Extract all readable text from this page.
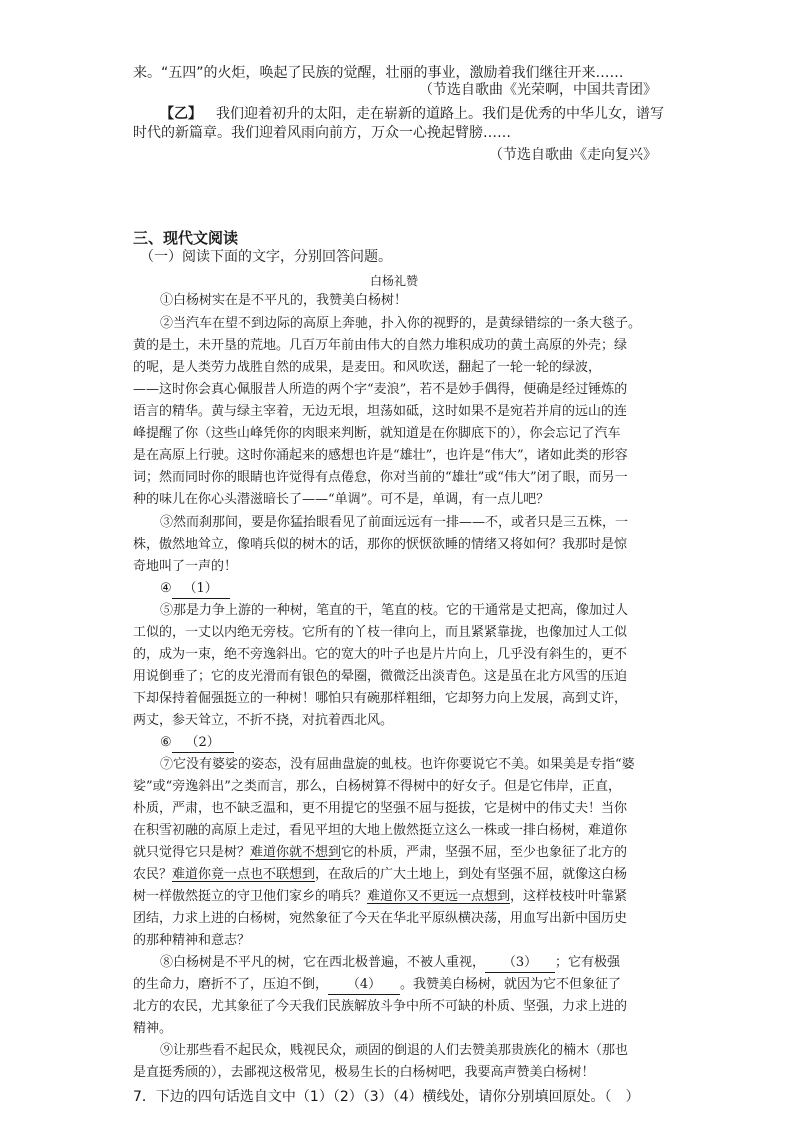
来。“五四”的火炬，唤起了民族的觉醒，壮丽的事业，激励着我们继往开来……
（节选自歌曲《光荣啊，中国共青团》
【乙】 我们迎着初升的太阳，走在崭新的道路上。我们是优秀的中华儿女，谱写
时代的新篇章。我们迎着风雨向前方，万众一心挽起臂膀……
（节选自歌曲《走向复兴》
三、现代文阅读
（一）阅读下面的文字，分别回答问题。
白杨礼赞
①白杨树实在是不平凡的，我赞美白杨树！
②当汽车在望不到边际的高原上奔驰，扑入你的视野的，是黄绿错综的一条大毯子。
黄的是土，未开垦的荒地。几百万年前由伟大的自然力堆积成功的黄土高原的外壳；绿
的呢，是人类劳力战胜自然的成果，是麦田。和风吹送，翻起了一轮一轮的绿波，
——这时你会真心佩服昔人所造的两个字“麦浪”，若不是妙手偶得，便确是经过锤炼的
语言的精华。黄与绿主宰着，无边无垠，坦荡如砥，这时如果不是宛若并肩的远山的连
峰提醒了你（这些山峰凭你的肉眼来判断，就知道是在你脚底下的），你会忘记了汽车
是在高原上行驶。这时你涌起来的感想也许是“雄壮”，也许是“伟大”，诸如此类的形容
词；然而同时你的眼睛也许觉得有点倦怠，你对当前的“雄壮”或“伟大”闭了眼，而另一
种的味儿在你心头潜滋暗长了——“单调”。可不是，单调，有一点儿吧？
③然而刹那间，要是你猛抬眼看见了前面远远有一排——不，或者只是三五株，一
株，傲然地耸立，像哨兵似的树木的话，那你的恹恹欲睡的情绪又将如何？我那时是惊
奇地叫了一声的！
④ （1）
⑤那是力争上游的一种树，笔直的干，笔直的枝。它的干通常是丈把高，像加过人
工似的，一丈以内绝无旁枝。它所有的丫枝一律向上，而且紧紧靠拢，也像加过人工似
的，成为一束，绝不旁逸斜出。它的宽大的叶子也是片片向上，几乎没有斜生的，更不
用说倒垂了；它的皮光滑而有银色的晕圈，微微泛出淡青色。这是虽在北方风雪的压迫
下却保持着倔强挺立的一种树！哪怕只有碗那样粗细，它却努力向上发展，高到丈许，
两丈，参天耸立，不折不挠，对抗着西北风。
⑥ （2）
⑦它没有婆娑的姿态，没有屈曲盘旋的虬枝。也许你要说它不美。如果美是专指“婆
娑”或“旁逸斜出”之类而言，那么，白杨树算不得树中的好女子。但是它伟岸，正直，
朴质，严肃，也不缺乏温和，更不用提它的坚强不屈与挺拔，它是树中的伟丈夫！当你
在积雪初融的高原上走过，看见平坦的大地上傲然挺立这么一株或一排白杨树，难道你
就只觉得它只是树？难道你就不想到它的朴质，严肃，坚强不屈，至少也象征了北方的
农民？难道你竟一点也不联想到，在敌后的广大土地上，到处有坚强不屈，就像这白杨
树一样傲然挺立的守卫他们家乡的哨兵？难道你又不更远一点想到，这样枝枝叶叶靠紧
团结，力求上进的白杨树，宛然象征了今天在华北平原纵横决荡，用血写出新中国历史
的那种精神和意志？
⑧白杨树是不平凡的树，它在西北极普遍，不被人重视， （3） ；它有极强
的生命力，磨折不了，压迫不倒， （4） 。我赞美白杨树，就因为它不但象征了
北方的农民，尤其象征了今天我们民族解放斗争中所不可缺的朴质、坚强，力求上进的
精神。
⑨让那些看不起民众，贱视民众，顽固的倒退的人们去赞美那贵族化的楠木（那也
是直挺秀颀的），去鄙视这极常见，极易生长的白杨树吧，我要高声赞美白杨树！
7．下边的四句话选自文中（1）（2）（3）（4）横线处，请你分别填回原处。（　）
